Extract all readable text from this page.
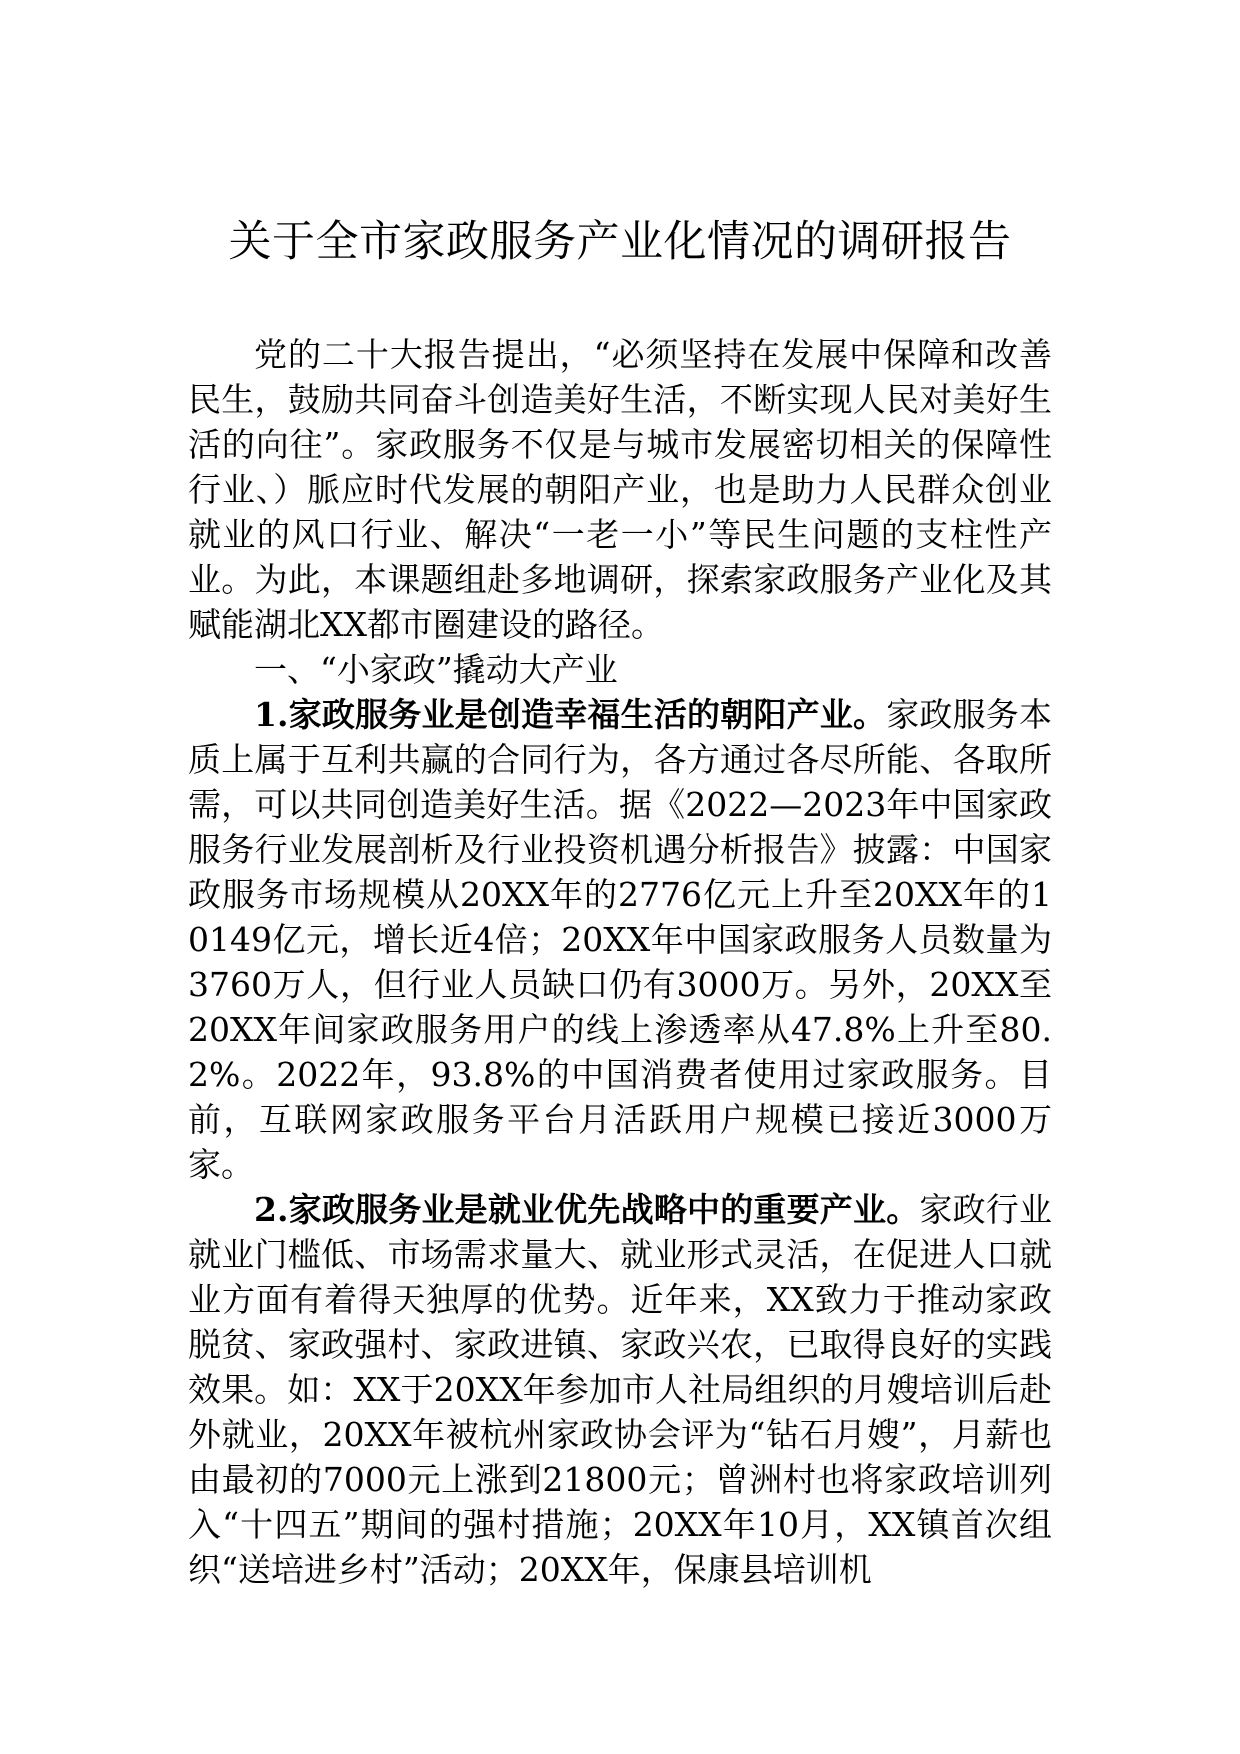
关于全市家政服务产业化情况的调研报告

党的二十大报告提出，“必须坚持在发展中保障和改善民生，鼓励共同奋斗创造美好生活，不断实现人民对美好生活的向往”。家政服务不仅是与城市发展密切相关的保障性行业、）脈应时代发展的朝阳产业，也是助力人民群众创业就业的风口行业、解决“一老一小”等民生问题的支柱性产业。为此，本课题组赴多地调研，探索家政服务产业化及其赋能湖北XX都市圈建设的路径。

一、“小家政”撬动大产业

1.家政服务业是创造幸福生活的朝阳产业。家政服务本质上属于互利共赢的合同行为，各方通过各尽所能、各取所需，可以共同创造美好生活。据《2022—2023年中国家政服务行业发展剖析及行业投资机遇分析报告》披露：中国家政服务市场规模从20XX年的2776亿元上升至20XX年的10149亿元，增长近4倍；20XX年中国家政服务人员数量为3760万人，但行业人员缺口仍有3000万。另外，20XX至20XX年间家政服务用户的线上渗透率从47.8%上升至80.2%。2022年，93.8%的中国消费者使用过家政服务。目前，互联网家政服务平台月活跃用户规模已接近3000万家。

2.家政服务业是就业优先战略中的重要产业。家政行业就业门槛低、市场需求量大、就业形式灵活，在促进人口就业方面有着得天独厚的优势。近年来，XX致力于推动家政脱贫、家政强村、家政进镇、家政兴农，已取得良好的实践效果。如：XX于20XX年参加市人社局组织的月嫂培训后赴外就业，20XX年被杭州家政协会评为“钻石月嫂”，月薪也由最初的7000元上涨到21800元；曾洲村也将家政培训列入“十四五”期间的强村措施；20XX年10月，XX镇首次组织“送培进乡村”活动；20XX年，保康县培训机
